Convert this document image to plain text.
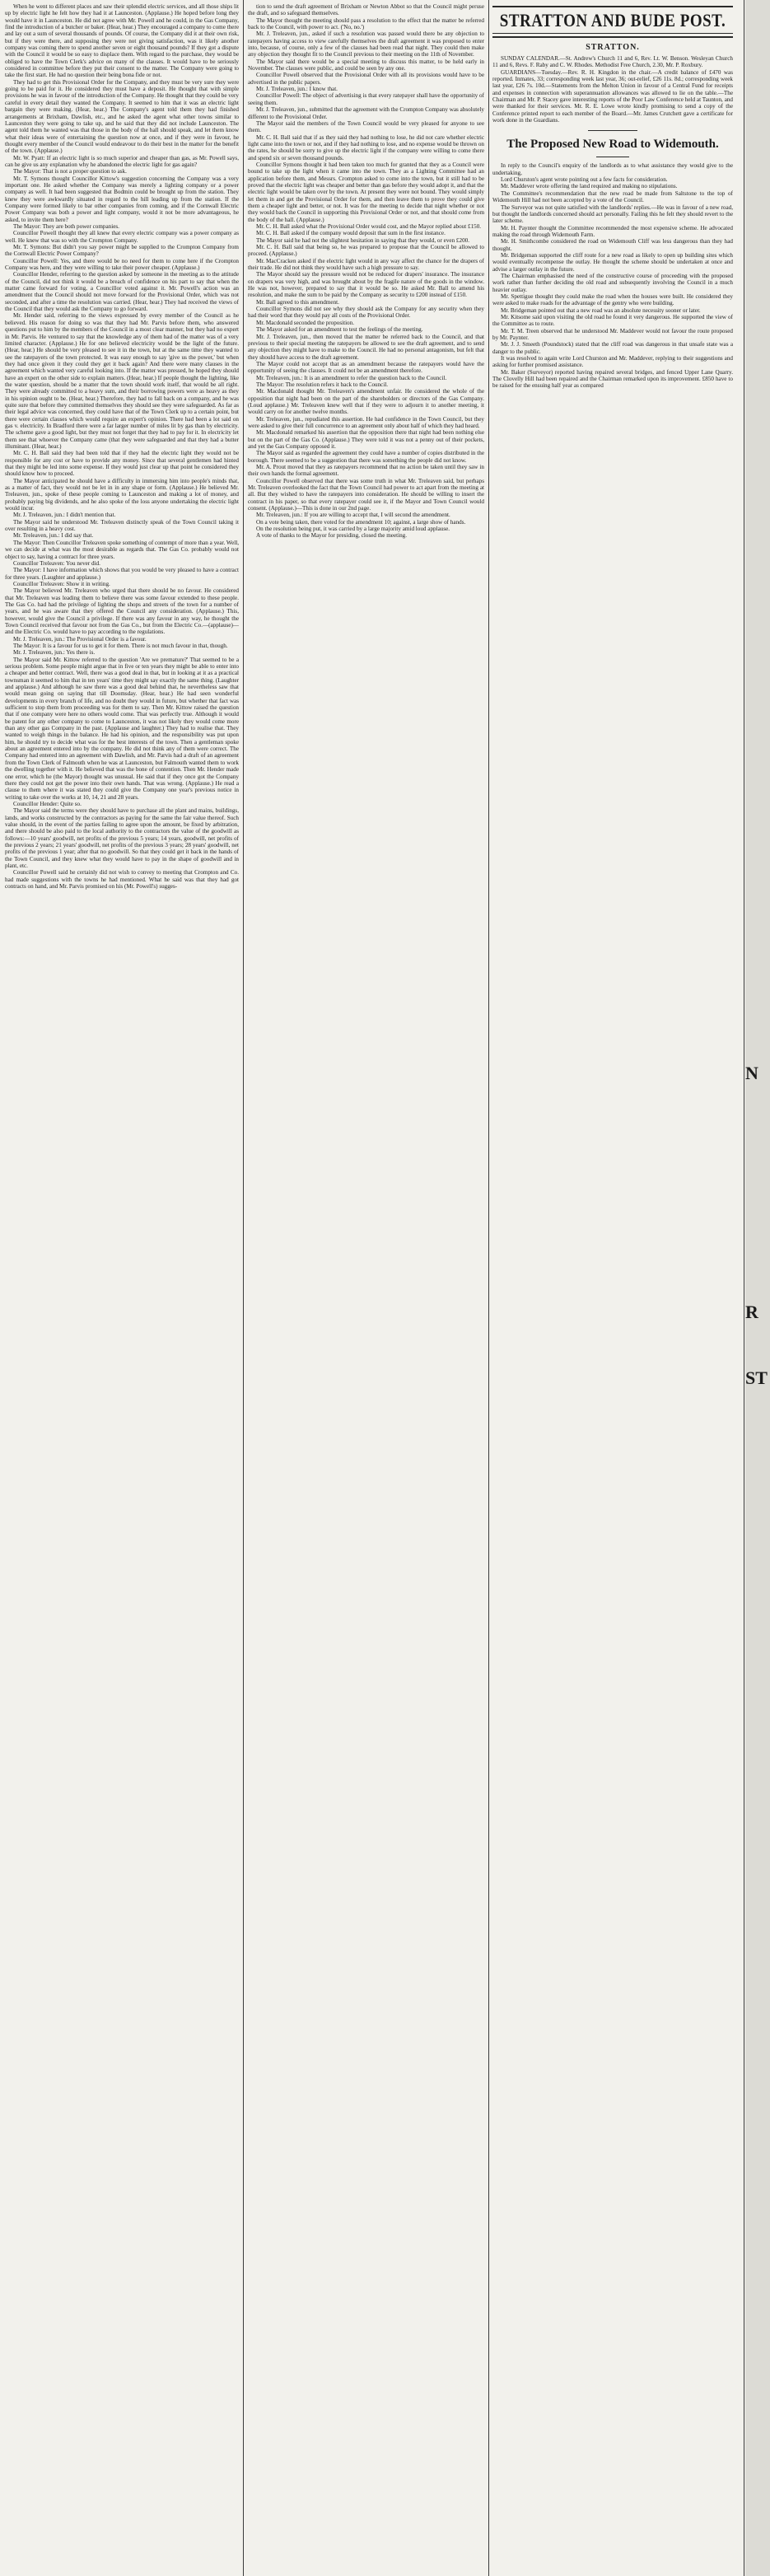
When he went to different places and saw their splendid electric services, and all those ships lit up by electric light he felt how they had it at Launceston. (Applause.) He hoped before long they would have it in Launceston. He did not agree with Mr. Powell and he could, in the Gas Company, find the introduction of a butcher or baker. (Hear, hear.) They encouraged a company to come there and lay out a sum of several thousands of pounds. Of course, the Company did it at their own risk, but if they were there, and supposing they were not giving satisfaction, was it likely another company was coming there to spend another seven or eight thousand pounds? If they got a dispute with the Council it would be so easy to displace them. With regard to the purchase, they would be obliged to have the Town Clerk's advice on many of the clauses. It would have to be seriously considered in committee before they put their consent to the matter. The Company were going to take the first start. He had no question their being bona fide or not.

They had to get this Provisional Order for the Company, and they must be very sure they were going to be paid for it. He considered they must have a deposit. He thought that with simple provisions he was in favour of the introduction of the Company. He thought that they could be very careful in every detail they wanted the Company. It seemed to him that it was an electric light bargain they were making. (Hear, hear.) The Company's agent told them they had finished arrangements at Brixham, Dawlish, etc., and he asked the agent what other towns similar to Launceston they were going to take up, and he said that they did not include Launceston. The agent told them he wanted was that those in the body of the hall should speak, and let them know what their ideas were of entertaining the question now at once, and if they were in favour, he thought every member of the Council would endeavour to do their best in the matter for the benefit of the town. (Applause.)

Mr. W. Pyatt: If an electric light is so much superior and cheaper than gas, as Mr. Powell says, can he give us any explanation why he abandoned the electric light for gas again?

The Mayor: That is not a proper question to ask.

Mr. T. Symons thought Councillor Kittow's suggestion concerning the Company was a very important one. He asked whether the Company was merely a lighting company or a power company as well. It had been suggested that Bodmin could be brought up from the station. They knew they were awkwardly situated in regard to the hill leading up from the station. If the Company were formed likely to bar other companies from coming, and if the Cornwall Electric Power Company was both a power and light company, would it not be more advantageous, he asked, to invite them here?

The Mayor: They are both power companies.

Councillor Powell thought they all knew that every electric company was a power company as well. He knew that was so with the Crompton Company.

Mr. T. Symons: But didn't you say power might be supplied to the Crompton Company from the Cornwall Electric Power Company?

Councillor Powell: Yes, and there would be no need for them to come here if the Crompton Company was here, and they were willing to take their power cheaper. (Applause.)

Councillor Hender, referring to the question asked by someone in the meeting as to the attitude of the Council, did not think it would be a breach of confidence on his part to say that when the matter came forward for voting, a Councillor voted against it. Mr. Powell's action was an amendment that the Council should not move forward for the Provisional Order, which was not seconded, and after a time the resolution was carried. (Hear, hear.) They had received the views of the Council that they would ask the Company to go forward.

Mr. Hender said, referring to the views expressed by every member of the Council as he believed. His reason for doing so was that they had Mr. Parvis before them, who answered questions put to him by the members of the Council in a most clear manner, but they had no expert in Mr. Parvis. He ventured to say that the knowledge any of them had of the matter was of a very limited character. (Applause.) He for one believed electricity would be the light of the future. (Hear, hear.) He should be very pleased to see it in the town, but at the same time they wanted to see the ratepayers of the town protected. It was easy enough to say 'give us the power,' but when they had once given it they could they get it back again? And there were many clauses in the agreement which wanted very careful looking into. If the matter was pressed, he hoped they should have an expert on the other side to explain matters. (Hear, hear.) If people thought the lighting, like the water question, should be a matter that the town should work itself, that would be all right. They were already committed to a heavy sum, and their borrowing powers were as heavy as they in his opinion ought to be. (Hear, hear.) Therefore, they had to fall back on a company, and he was quite sure that before they committed themselves they should see they were safeguarded. As far as their legal advice was concerned, they could have that of the Town Clerk up to a certain point, but there were certain clauses which would require an expert's opinion. There had been a lot said on gas v. electricity. In Bradford there were a far larger number of miles lit by gas than by electricity. The scheme gave a good light, but they must not forget that they had to pay for it. In electricity let them see that whoever the Company came (that they were safeguarded and that they had a butter illuminant. (Hear, hear.)

Mr. C. H. Ball said they had been told that if they had the electric light they would not be responsible for any cost or have to provide any money. Since that several gentlemen had hinted that they might be led into some expense. If they would just clear up that point he considered they should know how to proceed.

The Mayor anticipated he should have a difficulty in immersing him into people's minds that, as a matter of fact, they would not be let in in any shape or form. (Applause.) He believed Mr. Treleaven, jun., spoke of these people coming to Launceston and making a lot of money, and probably paying big dividends, and he also spoke of the loss anyone undertaking the electric light would incur.

Mr. J. Treleaven, jun.: I didn't mention that.

The Mayor said he understood Mr. Treleaven distinctly speak of the Town Council taking it over resulting in a heavy cost.

Mr. Treleaven, jun.: I did say that.

The Mayor: Then Councillor Treleaven spoke something of contempt of more than a year. Well, we can decide at what was the most desirable as regards that. The Gas Co. probably would not object to say, having a contract for three years.

Councillor Treleaven: You never did.

The Mayor: I have information which shows that you would be very pleased to have a contract for three years. (Laughter and applause.)

Councillor Treleaven: Show it in writing.

The Mayor believed Mr. Treleaven who urged that there should be no favour. He considered that Mr. Treleaven was leading them to believe there was some favour extended to these people. The Gas Co. had had the privilege of lighting the shops and streets of the town for a number of years, and he was aware that they offered the Council any consideration. (Applause.) This, however, would give the Council a privilege. If there was any favour in any way, he thought the Town Council received that favour not from the Gas Co., but from the Electric Co.—(applause)—and the Electric Co. would have to pay according to the regulations.

Mr. J. Treleaven, jun.: The Provisional Order is a favour.

The Mayor: It is a favour for us to get it for them. There is not much favour in that, though.

Mr. J. Treleaven, jun.: Yes there is.

The Mayor said Mr. Kittow referred to the question 'Are we premature?' That seemed to be a serious problem. Some people might argue that in five or ten years they might be able to enter into a cheaper and better contract. Well, there was a good deal in that, but in looking at it as a practical townsman it seemed to him that in ten years' time they might say exactly the same thing. (Laughter and applause.) And although he saw there was a good deal behind that, he nevertheless saw that would mean going on saying that till Doomsday. (Hear, hear.) He had seen wonderful developments in every branch of life, and no doubt they would in future, but whether that fact was sufficient to stop them from proceeding was for them to say. Then Mr. Kittow raised the question that if one company were here no others would come. That was perfectly true. Although it would be patent for any other company to come to Launceston, it was not likely they would come more than any other gas Company in the past. (Applause and laughter.) They had to realise that. They wanted to weigh things in the balance. He had his opinion, and the responsibility was put upon him, he should try to decide what was for the best interests of the town. Then a gentleman spoke about an agreement entered into by the company. He did not think any of them were correct. The Company had entered into an agreement with Dawlish, and Mr. Parvis had a draft of an agreement from the Town Clerk of Falmouth when he was at Launceston, but Falmouth wanted them to work the dwelling together with it. He believed that was the bone of contention. Then Mr. Hender made one error, which he (the Mayor) thought was unusual. He said that if they once got the Company there they could not get the power into their own hands. That was wrong. (Applause.) He read a clause to them where it was stated they could give the Company one year's previous notice in writing to take over the works at 10, 14, 21 and 28 years.

Councillor Hender: Quite so.

The Mayor said the terms were they should have to purchase all the plant and mains, buildings, lands, and works constructed by the contractors as paying for the same the fair value thereof. Such value should, in the event of the parties failing to agree upon the amount, be fixed by arbitration, and there should be also paid to the local authority to the contractors the value of the goodwill as follows:—10 years' goodwill, net profits of the previous 5 years; 14 years, goodwill, net profits of the previous 2 years; 21 years' goodwill, net profits of the previous 3 years; 28 years' goodwill, net profits of the previous 1 year; after that no goodwill. So that they could get it back in the hands of the Town Council, and they knew what they would have to pay in the shape of goodwill and in plant, etc.

Councillor Powell said he certainly did not wish to convey to meeting that Crompton and Co. had made suggestions with the towns he had mentioned. What he said was that they had got contracts on hand, and Mr. Parvis promised on his (Mr. Powell's) sugges-

tion to send the draft agreement of Brixham or Newton Abbot so that the Council might peruse the draft, and so safeguard themselves.

The Mayor thought the meeting should pass a resolution to the effect that the matter be referred back to the Council, with power to act. ('No, no.')

Mr. J. Treleaven, jun., asked if such a resolution was passed would there be any objection to ratepayers having access to view carefully themselves the draft agreement it was proposed to enter into, because, of course, only a few of the clauses had been read that night. They could then make any objection they thought fit to the Council previous to their meeting on the 11th of November.

The Mayor said there would be a special meeting to discuss this matter, to be held early in November. The clauses were public, and could be seen by any one.

Councillor Powell observed that the Provisional Order with all its provisions would have to be advertised in the public papers.

Mr. J. Treleaven, jun.: I know that.

Councillor Powell: The object of advertising is that every ratepayer shall have the opportunity of seeing them.

Mr. J. Treleaven, jun., submitted that the agreement with the Crompton Company was absolutely different to the Provisional Order.

The Mayor said the members of the Town Council would be very pleased for anyone to see them.

Mr. C. H. Ball said that if as they said they had nothing to lose, he did not care whether electric light came into the town or not, and if they had nothing to lose, and no expense would be thrown on the rates, he should be sorry to give up the electric light if the company were willing to come there and spend six or seven thousand pounds.

Councillor Symons thought it had been taken too much for granted that they as a Council were bound to take up the light when it came into the town. They as a Lighting Committee had an application before them, and Messrs. Crompton asked to come into the town, but it still had to be proved that the electric light was cheaper and better than gas before they would adopt it, and that the electric light would be taken over by the town. At present they were not bound. They would simply let them in and get the Provisional Order for them, and then leave them to prove they could give them a cheaper light and better, or not. It was for the meeting to decide that night whether or not they would back the Council in supporting this Provisional Order or not, and that should come from the body of the hall. (Applause.)

Mr. C. H. Ball asked what the Provisional Order would cost, and the Mayor replied about £150.

Mr. C. H. Ball asked if the company would deposit that sum in the first instance.

The Mayor said he had not the slightest hesitation in saying that they would, or even £200.

Mr. C. H. Ball said that being so, he was prepared to propose that the Council be allowed to proceed. (Applause.)

Mr. MacCracken asked if the electric light would in any way affect the chance for the drapers of their trade. He did not think they would have such a high pressure to say.

The Mayor should say the pressure would not be reduced for drapers' insurance. The insurance on drapers was very high, and was brought about by the fragile nature of the goods in the window. He was not, however, prepared to say that it would be so. He asked Mr. Ball to amend his resolution, and make the sum to be paid by the Company as security to £200 instead of £150.

Mr. Ball agreed to this amendment.

Councillor Symons did not see why they should ask the Company for any security when they had their word that they would pay all costs of the Provisional Order.

Mr. Macdonald seconded the proposition.

The Mayor asked for an amendment to test the feelings of the meeting.

Mr. J. Treleaven, jun., then moved that the matter be referred back to the Council, and that previous to their special meeting the ratepayers be allowed to see the draft agreement, and to send any objection they might have to make to the Council. He had no personal antagonism, but felt that they should have access to the draft agreement.

The Mayor could not accept that as an amendment because the ratepayers would have the opportunity of seeing the clauses. It could not be an amendment therefore.

Mr. Treleaven, jun.: It is an amendment to refer the question back to the Council.

The Mayor: The resolution refers it back to the Council.

Mr. Macdonald thought Mr. Treleaven's amendment unfair. He considered the whole of the opposition that night had been on the part of the shareholders or directors of the Gas Company. (Loud applause.) Mr. Treleaven knew well that if they were to adjourn it to another meeting, it would carry on for another twelve months.

Mr. Treleaven, jun., repudiated this assertion. He had confidence in the Town Council, but they were asked to give their full concurrence to an agreement only about half of which they had heard.

Mr. Macdonald remarked his assertion that the opposition there that night had been nothing else but on the part of the Gas Co. (Applause.) They were told it was not a penny out of their pockets, and yet the Gas Company opposed it.

The Mayor said as regarded the agreement they could have a number of copies distributed in the borough. There seemed to be a suggestion that there was something the people did not know.

Mr. A. Prout moved that they as ratepayers recommend that no action be taken until they saw in their own hands the formal agreement.

Councillor Powell observed that there was some truth in what Mr. Treleaven said, but perhaps Mr. Treleaven overlooked the fact that the Town Council had power to act apart from the meeting at all. But they wished to have the ratepayers into consideration. He should be willing to insert the contract in his paper, so that every ratepayer could see it, if the Mayor and Town Council would consent. (Applause.)—This is done in our 2nd page.

Mr. Treleaven, jun.: If you are willing to accept that, I will second the amendment.

On a vote being taken, there voted for the amendment 10; against, a large show of hands.

On the resolution being put, it was carried by a large majority amid loud applause.

A vote of thanks to the Mayor for presiding, closed the meeting.

STRATTON AND BUDE POST.
STRATTON.

SUNDAY CALENDAR.—St. Andrew's Church 11 and 6, Rev. Lt. W. Benson. Wesleyan Church 11 and 6, Revs. F. Raby and C. W. Rhodes. Methodist Free Church, 2.30, Mr. P. Roxbury.

GUARDIANS—Tuesday.—Rev. R. H. Kingdon in the chair.—A credit balance of £470 was reported. Inmates, 33; corresponding week last year, 36; out-relief, £26 11s. 8d.; corresponding week last year, £26 7s. 10d.—Statements from the Melton Union in favour of a Central Fund for receipts and expenses in connection with superannuation allowances was allowed to lie on the table.—The Chairman and Mr. P. Stacey gave interesting reports of the Poor Law Conference held at Taunton, and were thanked for their services. Mr. R. E. Lowe wrote kindly promising to send a copy of the Conference printed report to each member of the Board.—Mr. James Crutchett gave a certificate for work done in the Guardians.

The Proposed New Road to Widemouth.

In reply to the Council's enquiry of the landlords as to what assistance they would give to the undertaking,

Lord Churston's agent wrote pointing out a few facts for consideration.

Mr. Maddever wrote offering the land required and making no stipulations.

The Committee's recommendation that the new road be made from Saltstone to the top of Widemouth Hill had not been accepted by a vote of the Council.

The Surveyor was not quite satisfied with the landlords' replies.—He was in favour of a new road, but thought the landlords concerned should act personally. Failing this he felt they should revert to the later scheme.

Mr. H. Paynter thought the Committee recommended the most expensive scheme. He advocated making the road through Widemouth Farm.

Mr. H. Smithcombe considered the road on Widemouth Cliff was less dangerous than they had thought.

Mr. Bridgeman supported the cliff route for a new road as likely to open up building sites which would eventually recompense the outlay. He thought the scheme should be undertaken at once and advise a larger outlay in the future.

The Chairman emphasised the need of the constructive course of proceeding with the proposed work rather than further deciding the old road and subsequently involving the Council in a much heavier outlay.

Mr. Spettigue thought they could make the road when the houses were built. He considered they were asked to make roads for the advantage of the gentry who were building.

Mr. Bridgeman pointed out that a new road was an absolute necessity sooner or later.

Mr. Kitsome said upon visiting the old road he found it very dangerous. He supported the view of the Committee as to route.

Mr. T. M. Treen observed that he understood Mr. Maddever would not favour the route proposed by Mr. Paynter.

Mr. J. J. Smeeth (Poundstock) stated that the cliff road was dangerous in that unsafe state was a danger to the public.

It was resolved to again write Lord Churston and Mr. Maddever, replying to their suggestions and asking for further promised assistance.

Mr. Baker (Surveyor) reported having repaired several bridges, and fenced Upper Lane Quarry. The Clovelly Hill had been repaired and the Chairman remarked upon its improvement. £850 have to be raised for the ensuing half year as compared

N
R
ST
